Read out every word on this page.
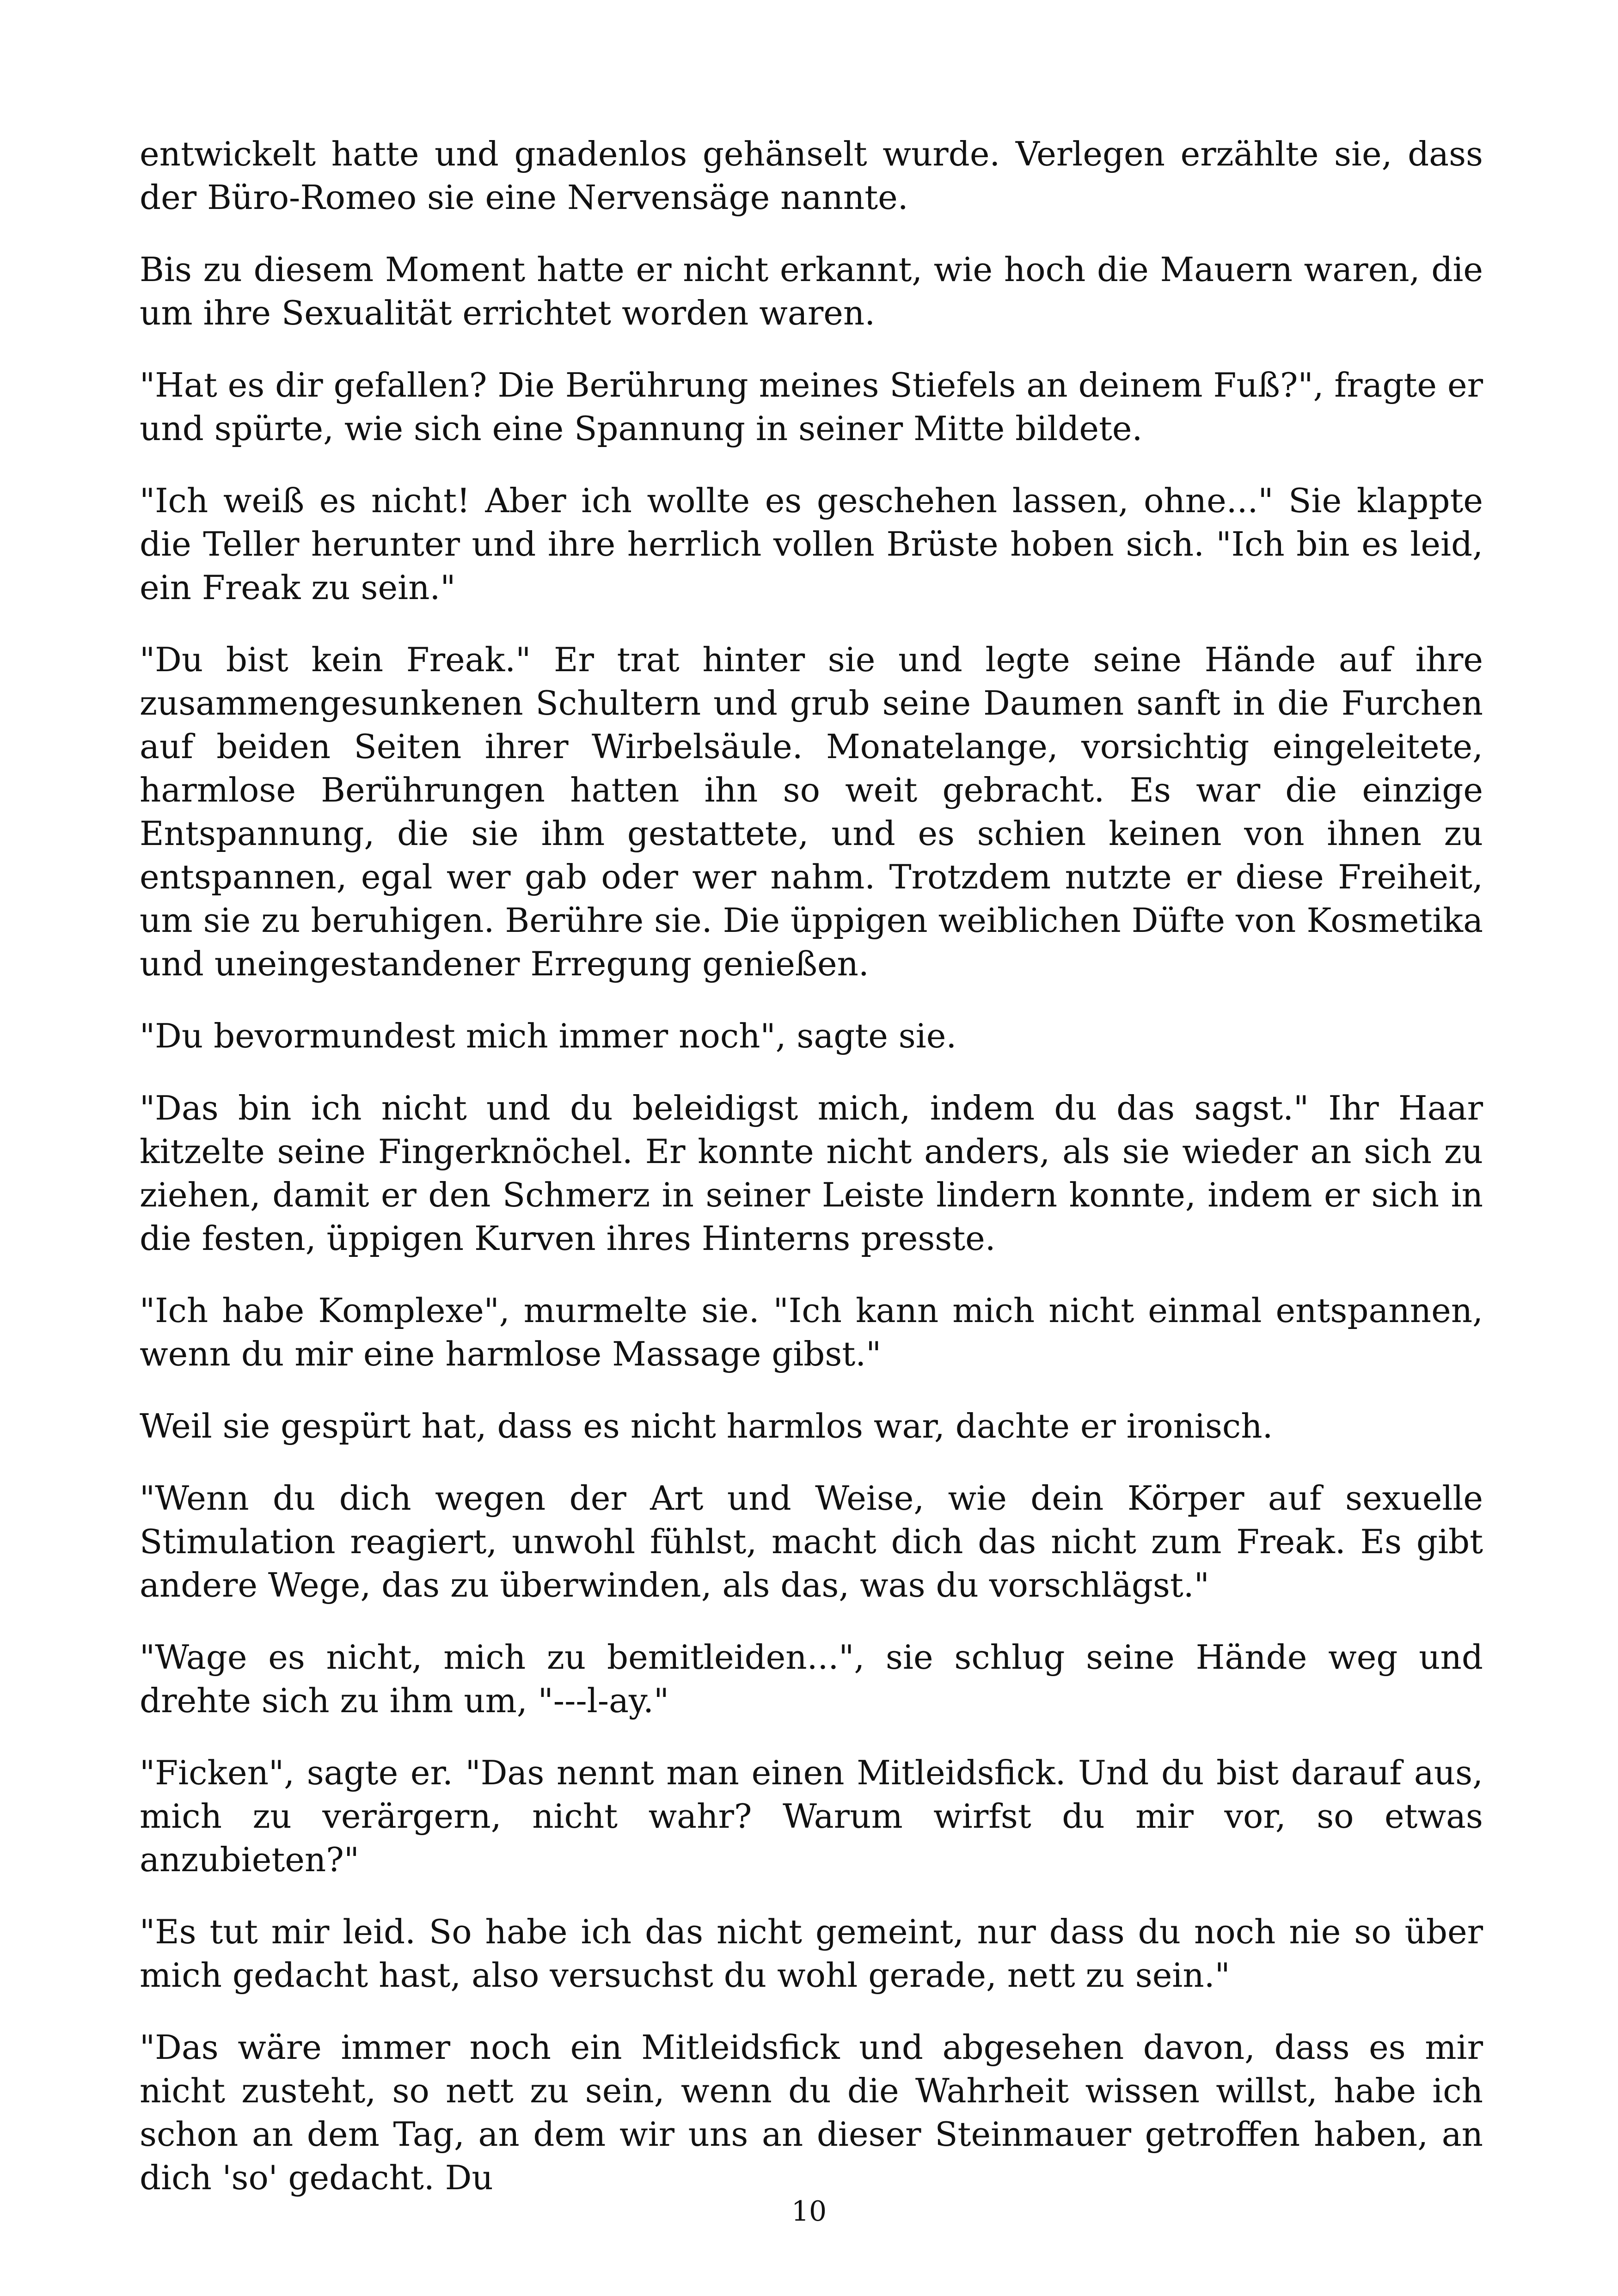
entwickelt hatte und gnadenlos gehänselt wurde. Verlegen erzählte sie, dass der Büro-Romeo sie eine Nervensäge nannte.

Bis zu diesem Moment hatte er nicht erkannt, wie hoch die Mauern waren, die um ihre Sexualität errichtet worden waren.

"Hat es dir gefallen? Die Berührung meines Stiefels an deinem Fuß?", fragte er und spürte, wie sich eine Spannung in seiner Mitte bildete.

"Ich weiß es nicht! Aber ich wollte es geschehen lassen, ohne..." Sie klappte die Teller herunter und ihre herrlich vollen Brüste hoben sich. "Ich bin es leid, ein Freak zu sein."

"Du bist kein Freak." Er trat hinter sie und legte seine Hände auf ihre zusammengesunkenen Schultern und grub seine Daumen sanft in die Furchen auf beiden Seiten ihrer Wirbelsäule. Monatelange, vorsichtig eingeleitete, harmlose Berührungen hatten ihn so weit gebracht. Es war die einzige Entspannung, die sie ihm gestattete, und es schien keinen von ihnen zu entspannen, egal wer gab oder wer nahm. Trotzdem nutzte er diese Freiheit, um sie zu beruhigen. Berühre sie. Die üppigen weiblichen Düfte von Kosmetika und uneingestandener Erregung genießen.

"Du bevormundest mich immer noch", sagte sie.

"Das bin ich nicht und du beleidigst mich, indem du das sagst." Ihr Haar kitzelte seine Fingerknöchel. Er konnte nicht anders, als sie wieder an sich zu ziehen, damit er den Schmerz in seiner Leiste lindern konnte, indem er sich in die festen, üppigen Kurven ihres Hinterns presste.

"Ich habe Komplexe", murmelte sie. "Ich kann mich nicht einmal entspannen, wenn du mir eine harmlose Massage gibst."

Weil sie gespürt hat, dass es nicht harmlos war, dachte er ironisch.

"Wenn du dich wegen der Art und Weise, wie dein Körper auf sexuelle Stimulation reagiert, unwohl fühlst, macht dich das nicht zum Freak. Es gibt andere Wege, das zu überwinden, als das, was du vorschlägst."

"Wage es nicht, mich zu bemitleiden...", sie schlug seine Hände weg und drehte sich zu ihm um, "---l-ay."

"Ficken", sagte er. "Das nennt man einen Mitleidsfick. Und du bist darauf aus, mich zu verärgern, nicht wahr? Warum wirfst du mir vor, so etwas anzubieten?"

"Es tut mir leid. So habe ich das nicht gemeint, nur dass du noch nie so über mich gedacht hast, also versuchst du wohl gerade, nett zu sein."

"Das wäre immer noch ein Mitleidsfick und abgesehen davon, dass es mir nicht zusteht, so nett zu sein, wenn du die Wahrheit wissen willst, habe ich schon an dem Tag, an dem wir uns an dieser Steinmauer getroffen haben, an dich 'so' gedacht. Du

10
